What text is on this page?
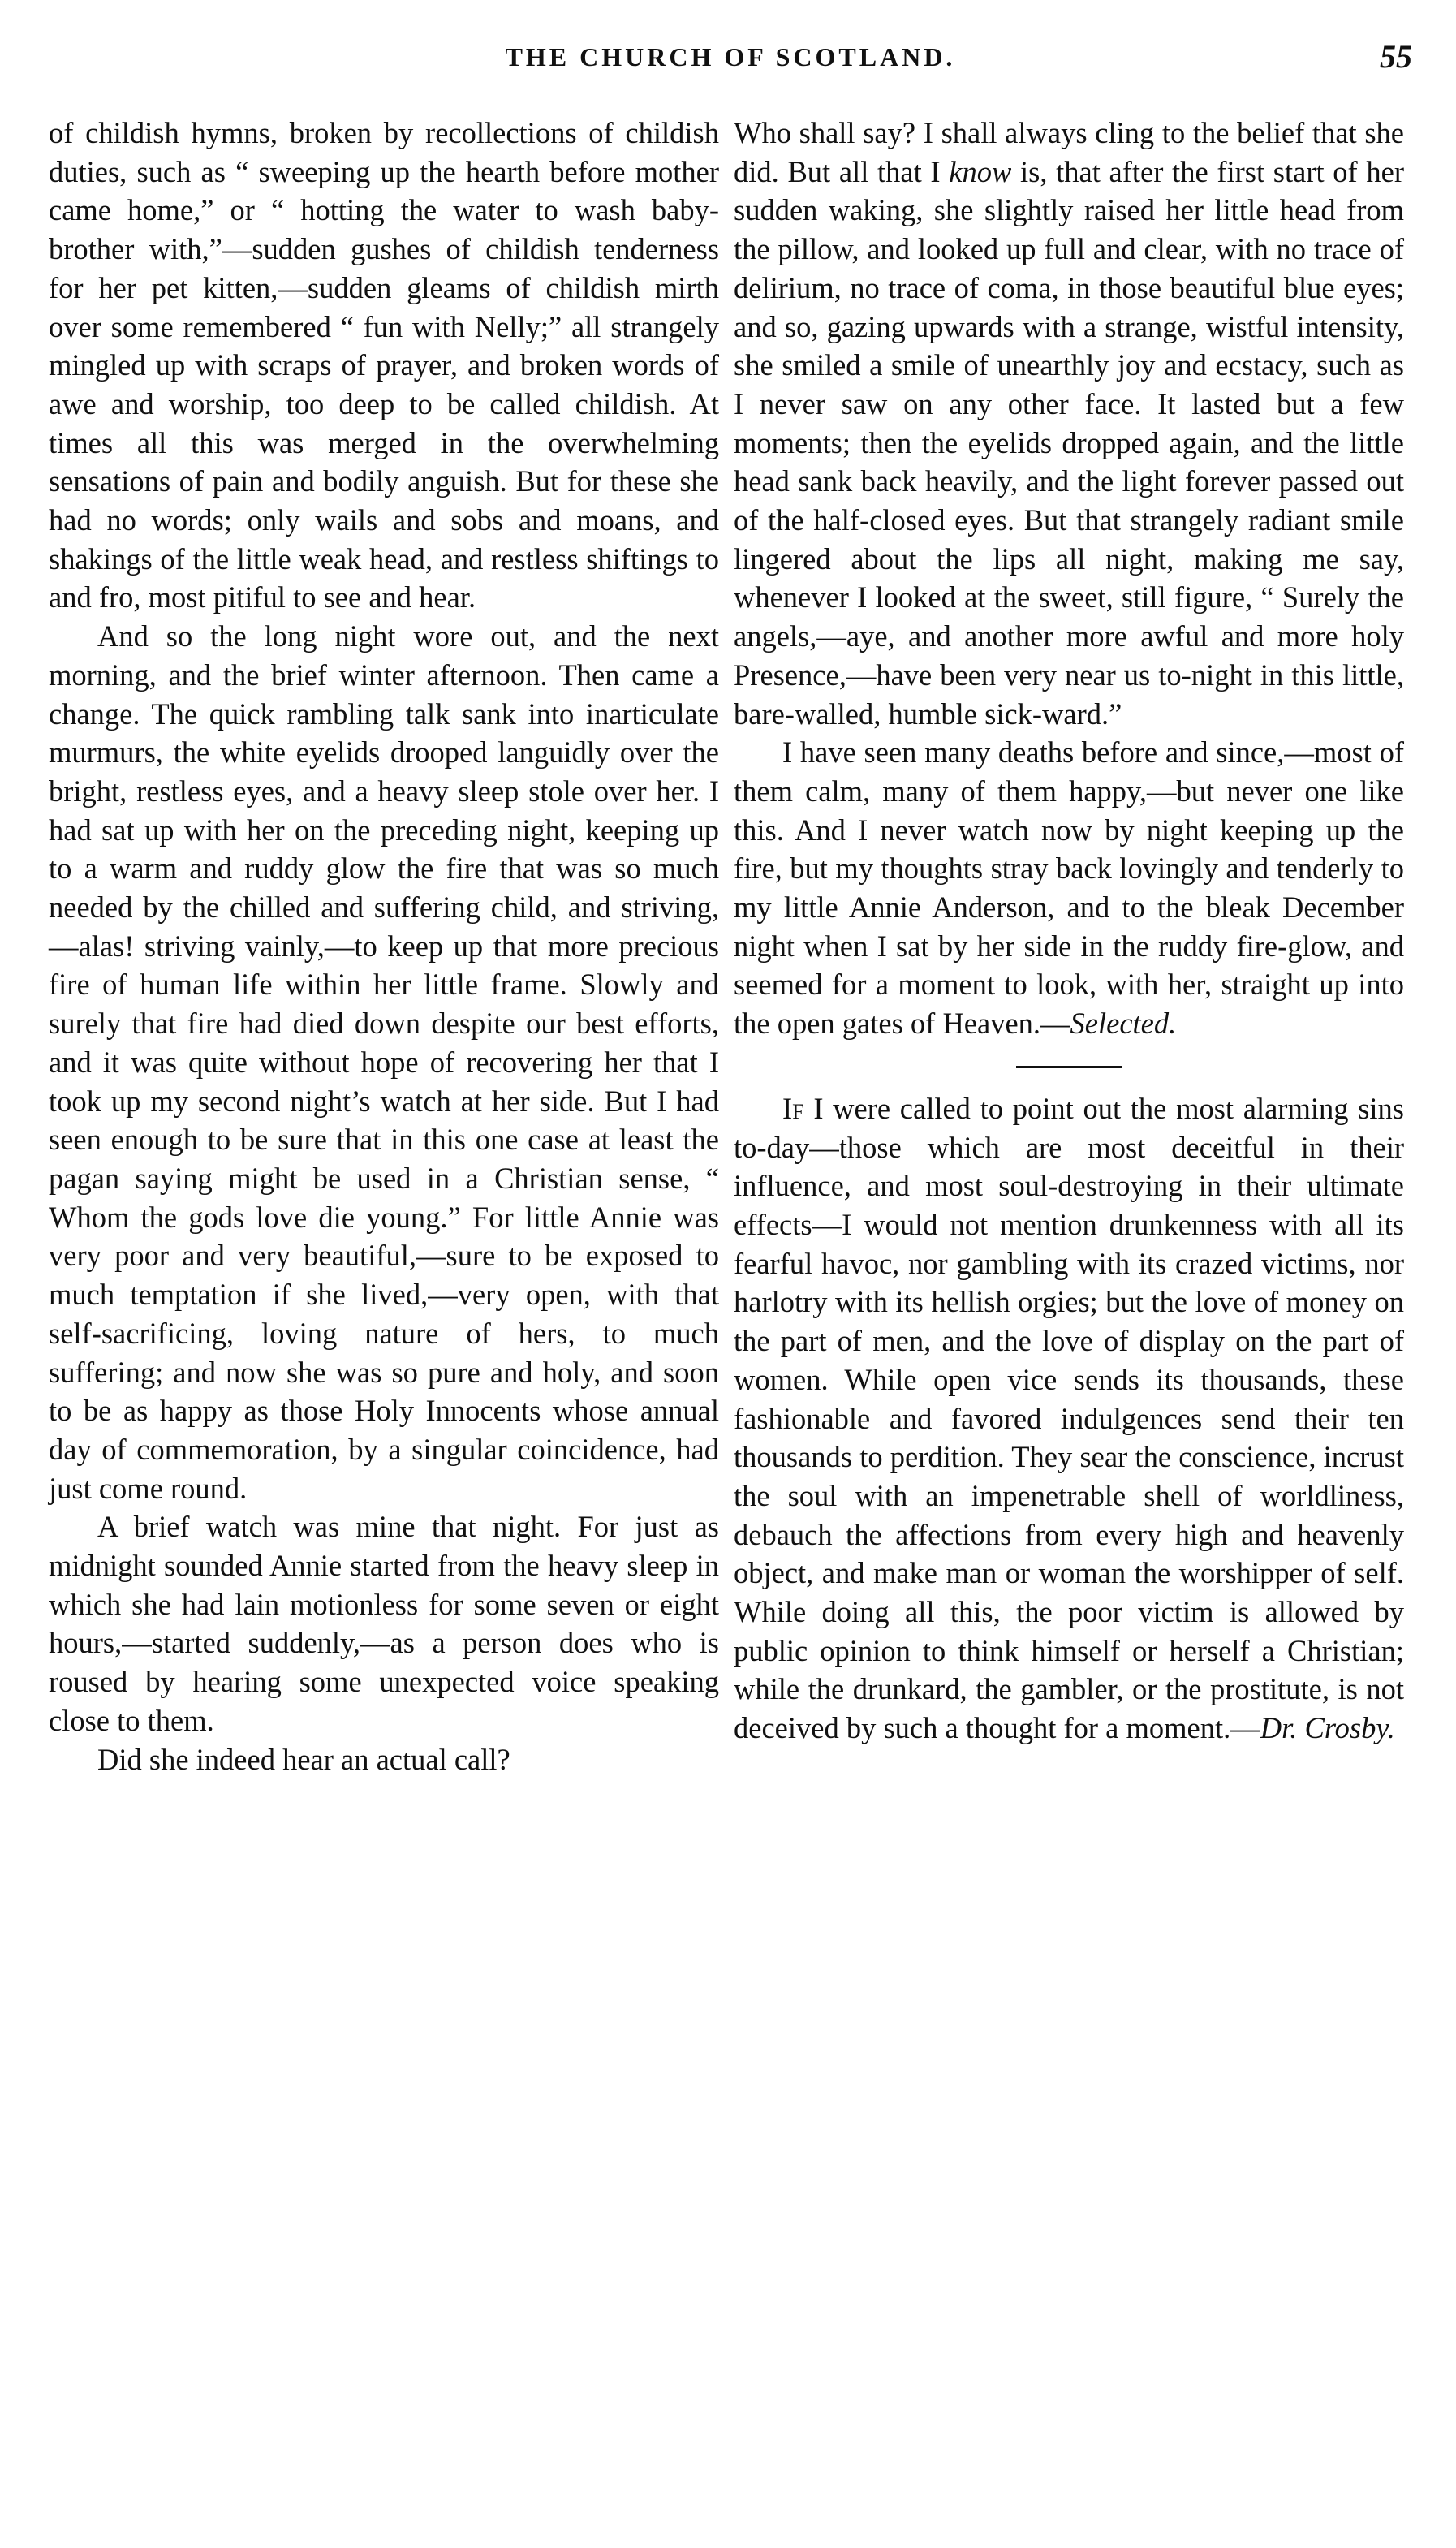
THE CHURCH OF SCOTLAND.	55

of childish hymns, broken by recollections of childish duties, such as “ sweeping up the hearth before mother came home,” or “ hotting the water to wash baby-brother with,”—sudden gushes of childish tenderness for her pet kitten,—sudden gleams of childish mirth over some remembered “ fun with Nelly;” all strangely mingled up with scraps of prayer, and broken words of awe and worship, too deep to be called childish. At times all this was merged in the overwhelming sensations of pain and bodily anguish. But for these she had no words; only wails and sobs and moans, and shakings of the little weak head, and restless shiftings to and fro, most pitiful to see and hear.

And so the long night wore out, and the next morning, and the brief winter afternoon. Then came a change. The quick rambling talk sank into inarticulate murmurs, the white eyelids drooped languidly over the bright, restless eyes, and a heavy sleep stole over her. I had sat up with her on the preceding night, keeping up to a warm and ruddy glow the fire that was so much needed by the chilled and suffering child, and striving,—alas! striving vainly,—to keep up that more precious fire of human life within her little frame. Slowly and surely that fire had died down despite our best efforts, and it was quite without hope of recovering her that I took up my second night’s watch at her side. But I had seen enough to be sure that in this one case at least the pagan saying might be used in a Christian sense, “ Whom the gods love die young.” For little Annie was very poor and very beautiful,—sure to be exposed to much temptation if she lived,—very open, with that self-sacrificing, loving nature of hers, to much suffering; and now she was so pure and holy, and soon to be as happy as those Holy Innocents whose annual day of commemoration, by a singular coincidence, had just come round.

A brief watch was mine that night. For just as midnight sounded Annie started from the heavy sleep in which she had lain motionless for some seven or eight hours,—started suddenly,—as a person does who is roused by hearing some unexpected voice speaking close to them.

Did she indeed hear an actual call?

Who shall say? I shall always cling to the belief that she did. But all that I know is, that after the first start of her sudden waking, she slightly raised her little head from the pillow, and looked up full and clear, with no trace of delirium, no trace of coma, in those beautiful blue eyes; and so, gazing upwards with a strange, wistful intensity, she smiled a smile of unearthly joy and ecstacy, such as I never saw on any other face. It lasted but a few moments; then the eyelids dropped again, and the little head sank back heavily, and the light forever passed out of the half-closed eyes. But that strangely radiant smile lingered about the lips all night, making me say, whenever I looked at the sweet, still figure, “ Surely the angels,—aye, and another more awful and more holy Presence,—have been very near us to-night in this little, bare-walled, humble sick-ward.”

I have seen many deaths before and since,—most of them calm, many of them happy,—but never one like this. And I never watch now by night keeping up the fire, but my thoughts stray back lovingly and tenderly to my little Annie Anderson, and to the bleak December night when I sat by her side in the ruddy fire-glow, and seemed for a moment to look, with her, straight up into the open gates of Heaven.—Selected.

If I were called to point out the most alarming sins to-day—those which are most deceitful in their influence, and most soul-destroying in their ultimate effects—I would not mention drunkenness with all its fearful havoc, nor gambling with its crazed victims, nor harlotry with its hellish orgies; but the love of money on the part of men, and the love of display on the part of women. While open vice sends its thousands, these fashionable and favored indulgences send their ten thousands to perdition. They sear the conscience, incrust the soul with an impenetrable shell of worldliness, debauch the affections from every high and heavenly object, and make man or woman the worshipper of self. While doing all this, the poor victim is allowed by public opinion to think himself or herself a Christian; while the drunkard, the gambler, or the prostitute, is not deceived by such a thought for a moment.—Dr. Crosby.
